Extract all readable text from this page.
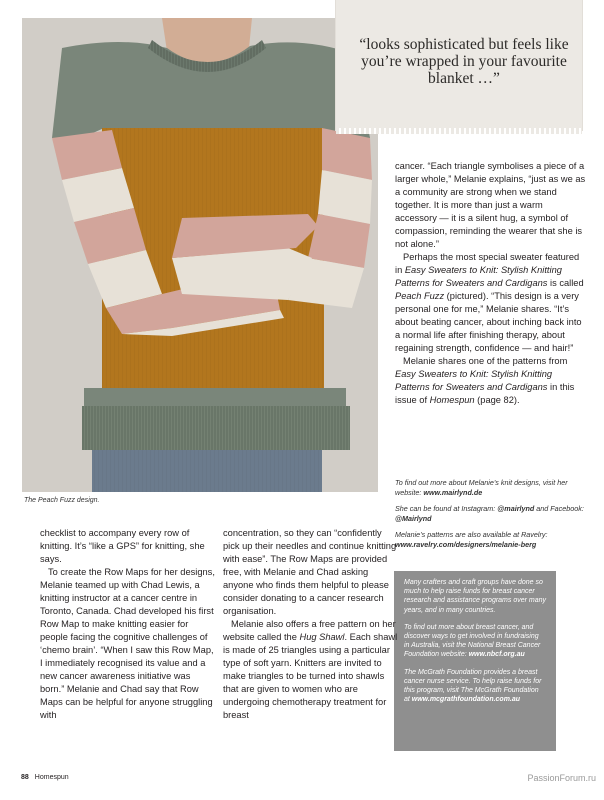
The Peach Fuzz design.
“looks sophisticated but feels like you’re wrapped in your favourite blanket …”

cancer. “Each triangle symbolises a piece of a larger whole,” Melanie explains, “just as we as a community are strong when we stand together. It is more than just a warm accessory — it is a silent hug, a symbol of compassion, reminding the wearer that she is not alone.”

Perhaps the most special sweater featured in Easy Sweaters to Knit: Stylish Knitting Patterns for Sweaters and Cardigans is called Peach Fuzz (pictured). “This design is a very personal one for me,” Melanie shares. “It’s about beating cancer, about inching back into a normal life after finishing therapy, about regaining strength, confidence — and hair!”

Melanie shares one of the patterns from Easy Sweaters to Knit: Stylish Knitting Patterns for Sweaters and Cardigans in this issue of Homespun (page 82).

To find out more about Melanie’s knit designs, visit her website: www.mairlynd.de

She can be found at Instagram: @mairlynd and Facebook: @Mairlynd

Melanie’s patterns are also available at Ravelry: www.ravelry.com/designers/melanie-berg

Many crafters and craft groups have done so much to help raise funds for breast cancer research and assistance programs over many years, and in many countries.

To find out more about breast cancer, and discover ways to get involved in fundraising in Australia, visit the National Breast Cancer Foundation website: www.nbcf.org.au

The McGrath Foundation provides a breast cancer nurse service. To help raise funds for this program, visit The McGrath Foundation at www.mcgrathfoundation.com.au

checklist to accompany every row of knitting. It’s “like a GPS” for knitting, she says.

To create the Row Maps for her designs, Melanie teamed up with Chad Lewis, a knitting instructor at a cancer centre in Toronto, Canada. Chad developed his first Row Map to make knitting easier for people facing the cognitive challenges of ‘chemo brain’. “When I saw this Row Map, I immediately recognised its value and a new cancer awareness initiative was born.” Melanie and Chad say that Row Maps can be helpful for anyone struggling with

concentration, so they can “confidently pick up their needles and continue knitting with ease”. The Row Maps are provided free, with Melanie and Chad asking anyone who finds them helpful to please consider donating to a cancer research organisation.

Melanie also offers a free pattern on her website called the Hug Shawl. Each shawl is made of 25 triangles using a particular type of soft yarn. Knitters are invited to make triangles to be turned into shawls that are given to women who are undergoing chemotherapy treatment for breast

88 Homespun	PassionForum.ru
